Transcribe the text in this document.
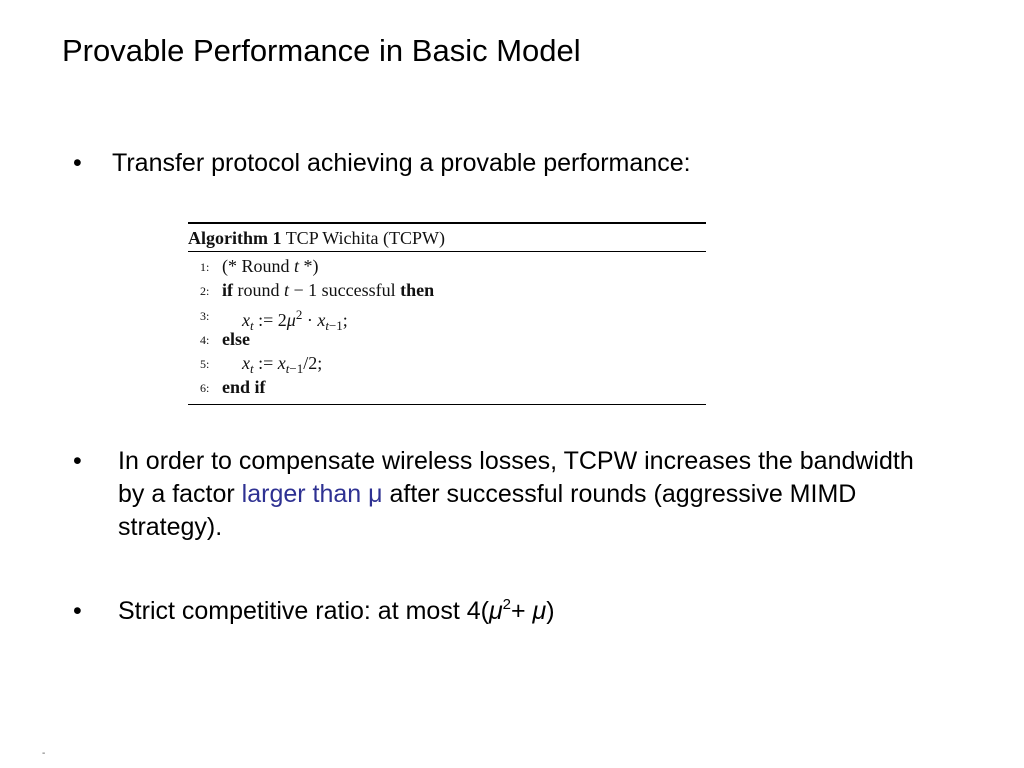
Provable Performance in Basic Model
• Transfer protocol achieving a provable performance:
Algorithm 1 TCP Wichita (TCPW)
1: (* Round t *)
2: if round t − 1 successful then
3: $x_t$ := $2\mu^2 \cdot x_{t-1}$;
4: else
5: $x_t$ := $x_{t-1}/2$;
6: end if
• In order to compensate wireless losses, TCPW increases the bandwidth by a factor larger than μ after successful rounds (aggressive MIMD strategy).
• Strict competitive ratio: at most $4(\mu^2+ \mu)$
-
